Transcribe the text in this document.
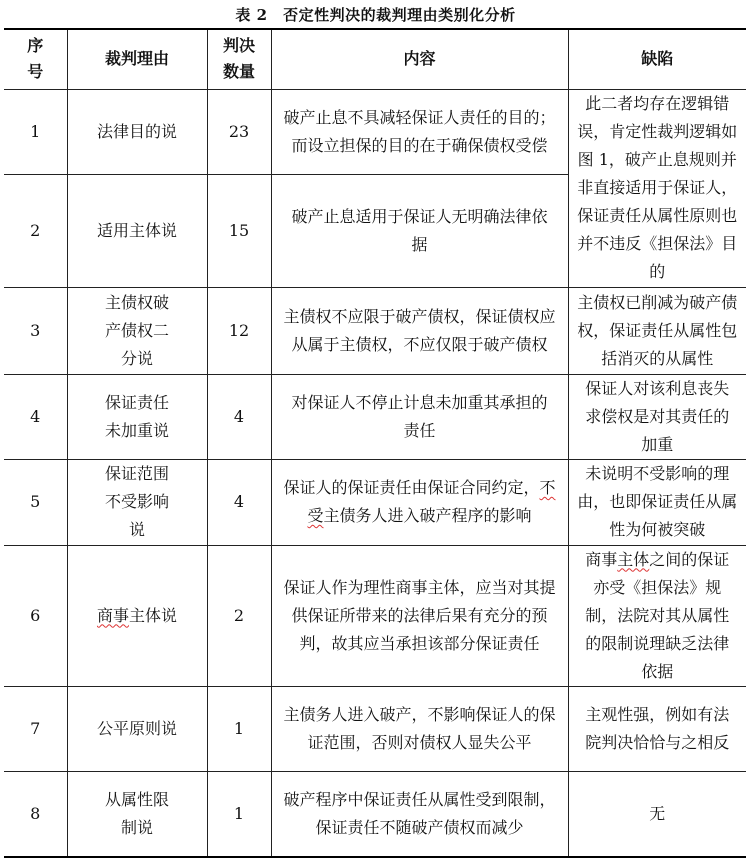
表 2　否定性判决的裁判理由类别化分析
序号	裁判理由	判决数量	内容	缺陷
1	法律目的说	23	破产止息不具减轻保证人责任的目的；而设立担保的目的在于确保债权受偿	此二者均存在逻辑错误，肯定性裁判逻辑如图 1，破产止息规则并非直接适用于保证人，保证责任从属性原则也并不违反《担保法》目的
2	适用主体说	15	破产止息适用于保证人无明确法律依据	
3	主债权破产债权二分说	12	主债权不应限于破产债权，保证债权应从属于主债权，不应仅限于破产债权	主债权已削减为破产债权，保证责任从属性包括消灭的从属性
4	保证责任未加重说	4	对保证人不停止计息未加重其承担的责任	保证人对该利息丧失求偿权是对其责任的加重
5	保证范围不受影响说	4	保证人的保证责任由保证合同约定，不受主债务人进入破产程序的影响	未说明不受影响的理由，也即保证责任从属性为何被突破
6	商事主体说	2	保证人作为理性商事主体，应当对其提供保证所带来的法律后果有充分的预判，故其应当承担该部分保证责任	商事主体之间的保证亦受《担保法》规制，法院对其从属性的限制说理缺乏法律依据
7	公平原则说	1	主债务人进入破产，不影响保证人的保证范围，否则对债权人显失公平	主观性强，例如有法院判决恰恰与之相反
8	从属性限制说	1	破产程序中保证责任从属性受到限制，保证责任不随破产债权而减少	无
